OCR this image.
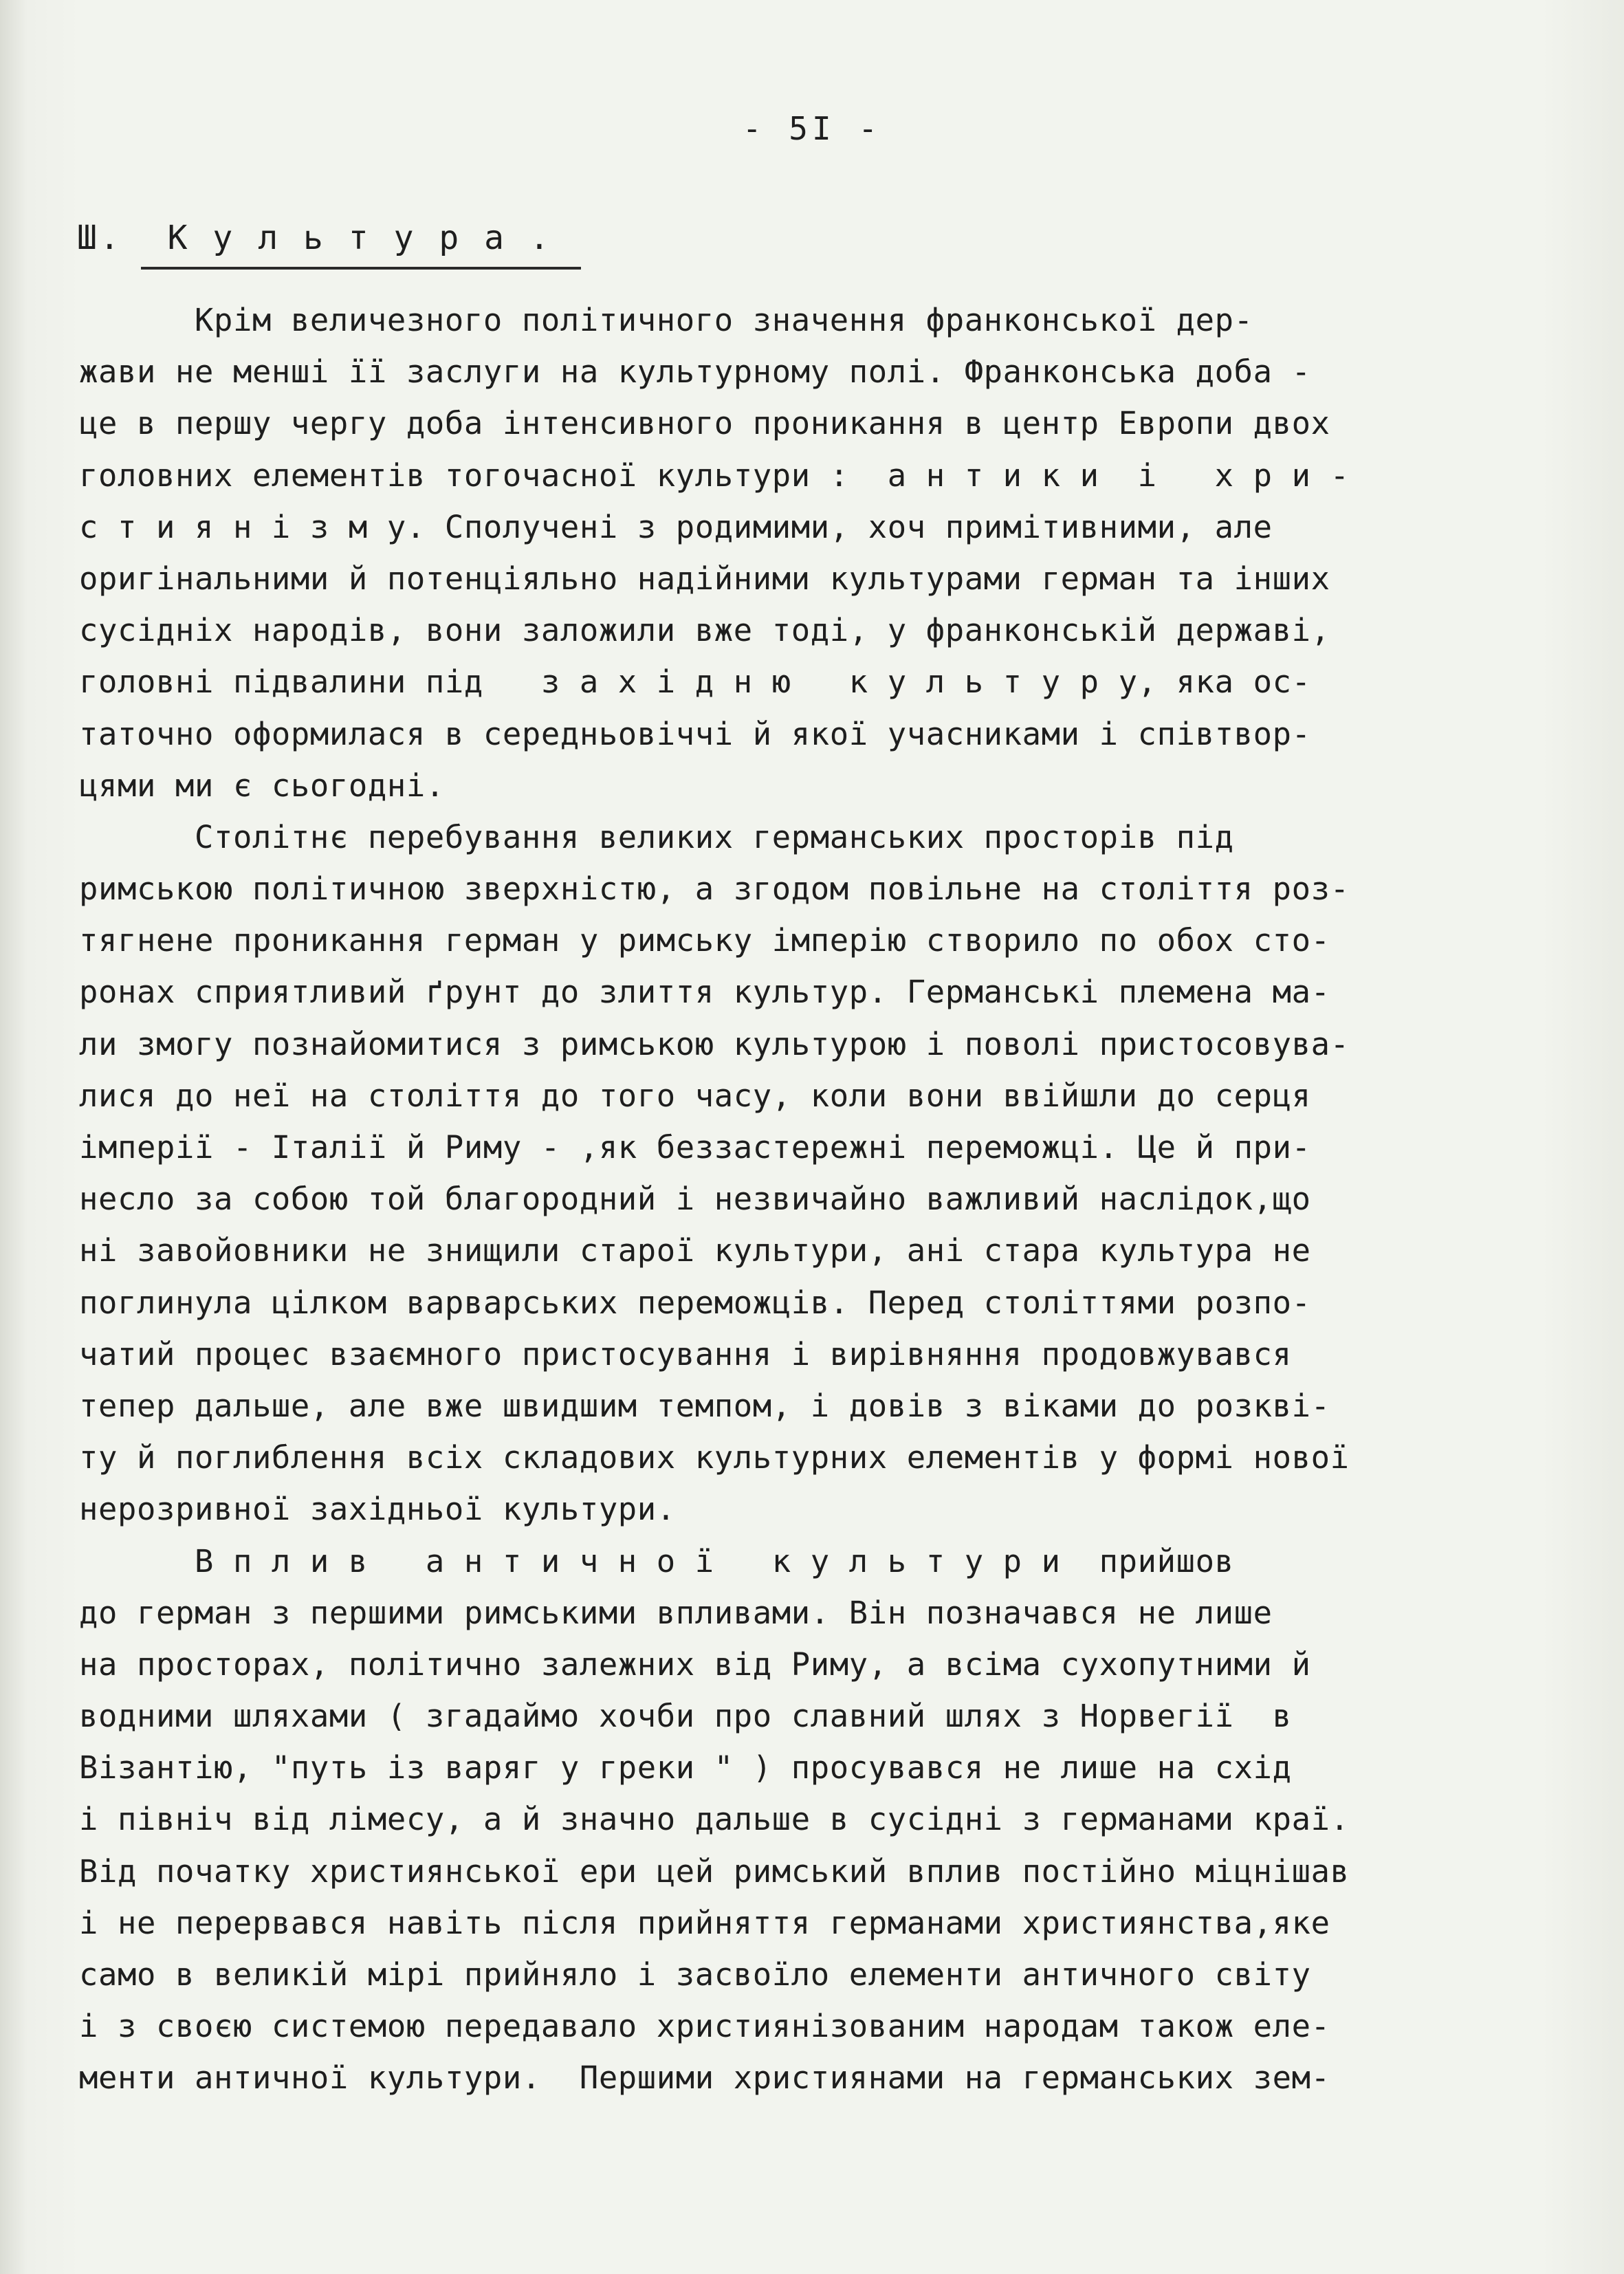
- 5I -
Ш.  К у л ь т у р а .
Крім величезного політичного значення франконської дер-
жави не менші її заслуги на культурному полі. Франконська доба -
це в першу чергу доба інтенсивного проникання в центр Европи двох
головних елементів тогочасної культури :  а н т и к и  і   х р и -
с т и я н і з м у. Сполучені з родимими, хоч примітивними, але
оригінальними й потенціяльно надійними культурами герман та інших
сусідніх народів, вони заложили вже тоді, у франконській державі,
головні підвалини під   з а х і д н ю   к у л ь т у р у, яка ос-
таточно оформилася в середньовіччі й якої учасниками і співтвор-
цями ми є сьогодні.
Столітнє перебування великих германських просторів під
римською політичною зверхністю, а згодом повільне на століття роз-
тягнене проникання герман у римську імперію створило по обох сто-
ронах сприятливий ґрунт до злиття культур. Германські племена ма-
ли змогу познайомитися з римською культурою і поволі пристосовува-
лися до неї на століття до того часу, коли вони ввійшли до серця
імперії - Італії й Риму - ,як беззастережні переможці. Це й при-
несло за собою той благородний і незвичайно важливий наслідок,що
ні завойовники не знищили старої культури, ані стара культура не
поглинула цілком варварських переможців. Перед століттями розпо-
чатий процес взаємного пристосування і вирівняння продовжувався
тепер дальше, але вже швидшим темпом, і довів з віками до розкві-
ту й поглиблення всіх складових культурних елементів у формі нової
нерозривної західньої культури.
В п л и в   а н т и ч н о ї   к у л ь т у р и  прийшов
до герман з першими римськими впливами. Він позначався не лише
на просторах, політично залежних від Риму, а всіма сухопутними й
водними шляхами ( згадаймо хочби про славний шлях з Норвегії  в
Візантію, "путь із варяг у греки " ) просувався не лише на схід
і північ від лімесу, а й значно дальше в сусідні з германами краї.
Від початку християнської ери цей римський вплив постійно міцнішав
і не перервався навіть після прийняття германами християнства,яке
само в великій мірі прийняло і засвоїло елементи античного світу
і з своєю системою передавало християнізованим народам також еле-
менти античної культури.  Першими християнами на германських зем-
